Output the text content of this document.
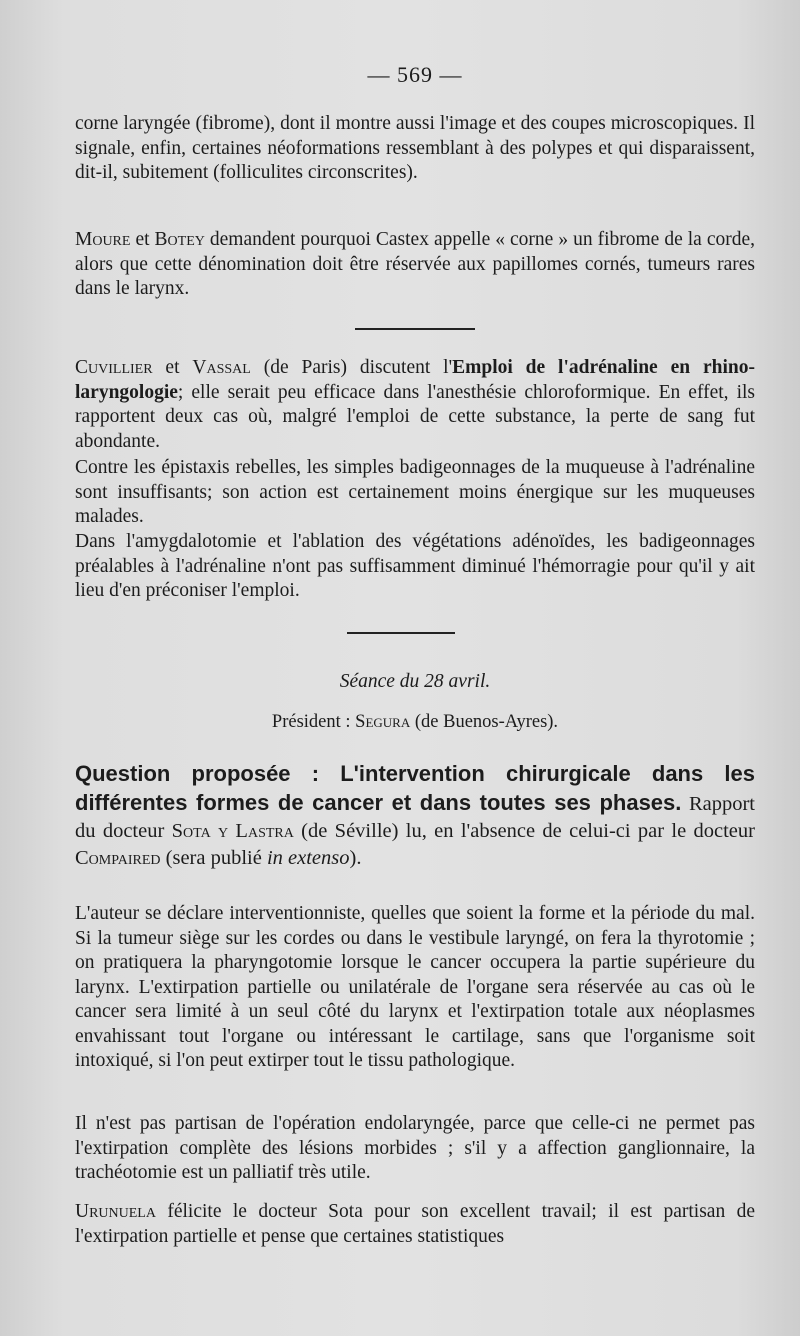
— 569 —

corne laryngée (fibrome), dont il montre aussi l'image et des coupes microscopiques. Il signale, enfin, certaines néoformations ressemblant à des polypes et qui disparaissent, dit-il, subitement (folliculites circonscrites).

Moure et Botey demandent pourquoi Castex appelle « corne » un fibrome de la corde, alors que cette dénomination doit être réservée aux papillomes cornés, tumeurs rares dans le larynx.

Cuvillier et Vassal (de Paris) discutent l'Emploi de l'adrénaline en rhino-laryngologie; elle serait peu efficace dans l'anesthésie chloroformique. En effet, ils rapportent deux cas où, malgré l'emploi de cette substance, la perte de sang fut abondante.

Contre les épistaxis rebelles, les simples badigeonnages de la muqueuse à l'adrénaline sont insuffisants; son action est certainement moins énergique sur les muqueuses malades.

Dans l'amygdalotomie et l'ablation des végétations adénoïdes, les badigeonnages préalables à l'adrénaline n'ont pas suffisamment diminué l'hémorragie pour qu'il y ait lieu d'en préconiser l'emploi.

Séance du 28 avril.

Président : Segura (de Buenos-Ayres).

Question proposée : L'intervention chirurgicale dans les différentes formes de cancer et dans toutes ses phases. Rapport du docteur Sota y Lastra (de Séville) lu, en l'absence de celui-ci par le docteur Compaired (sera publié in extenso).

L'auteur se déclare interventionniste, quelles que soient la forme et la période du mal. Si la tumeur siège sur les cordes ou dans le vestibule laryngé, on fera la thyrotomie ; on pratiquera la pharyngotomie lorsque le cancer occupera la partie supérieure du larynx. L'extirpation partielle ou unilatérale de l'organe sera réservée au cas où le cancer sera limité à un seul côté du larynx et l'extirpation totale aux néoplasmes envahissant tout l'organe ou intéressant le cartilage, sans que l'organisme soit intoxiqué, si l'on peut extirper tout le tissu pathologique.

Il n'est pas partisan de l'opération endolaryngée, parce que celle-ci ne permet pas l'extirpation complète des lésions morbides ; s'il y a affection ganglionnaire, la trachéotomie est un palliatif très utile.

Urunuela félicite le docteur Sota pour son excellent travail; il est partisan de l'extirpation partielle et pense que certaines statistiques
